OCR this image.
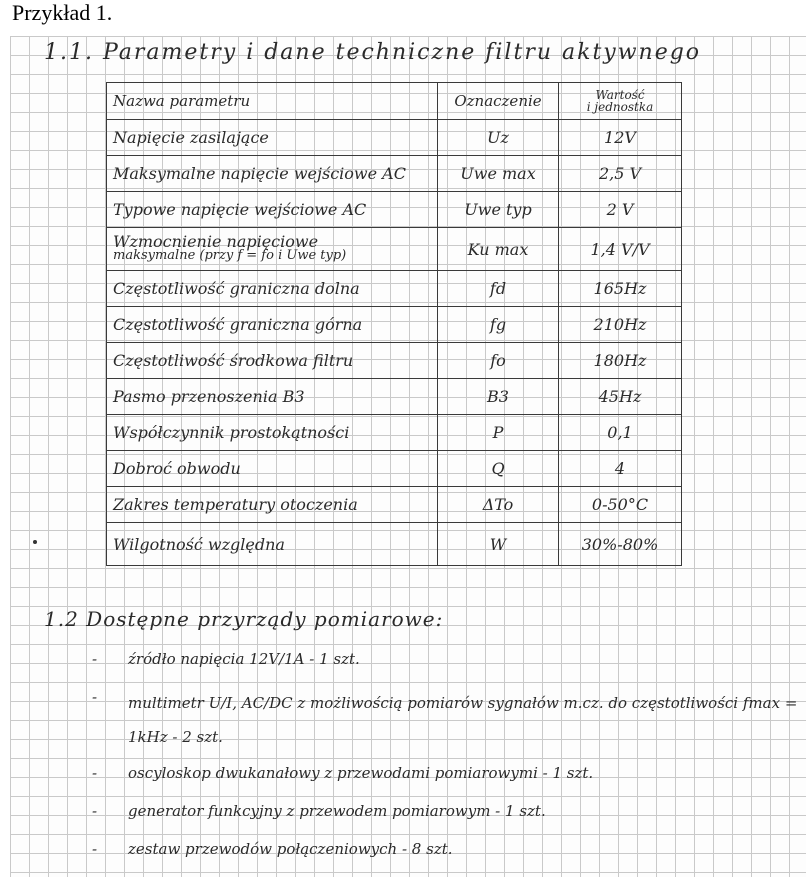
Przykład 1.
1.1. Parametry i dane techniczne filtru aktywnego
Nazwa parametru	Oznaczenie	Wartość
i jednostka

Napięcie zasilające	Uz	12V
Maksymalne napięcie wejściowe AC	Uwe max	2,5 V
Typowe napięcie wejściowe AC	Uwe typ	2 V

Wzmocnienie napięciowe
maksymalne (przy f = fo i Uwe typ)	Ku max	1,4 V/V
Częstotliwość graniczna dolna	fd	165Hz
Częstotliwość graniczna górna	fg	210Hz
Częstotliwość środkowa filtru	fo	180Hz
Pasmo przenoszenia B3	B3	45Hz
Współczynnik prostokątności	P	0,1
Dobroć obwodu	Q	4
Zakres temperatury otoczenia	ΔTo	0-50°C
Wilgotność względna	W	30%-80%
1.2 Dostępne przyrządy pomiarowe:
-	źródło napięcia 12V/1A - 1 szt.
-	multimetr U/I, AC/DC z możliwością pomiarów sygnałów m.cz. do częstotliwości fmax = 1kHz - 2 szt.
-	oscyloskop dwukanałowy z przewodami pomiarowymi - 1 szt.
-	generator funkcyjny z przewodem pomiarowym - 1 szt.
-	zestaw przewodów połączeniowych - 8 szt.
